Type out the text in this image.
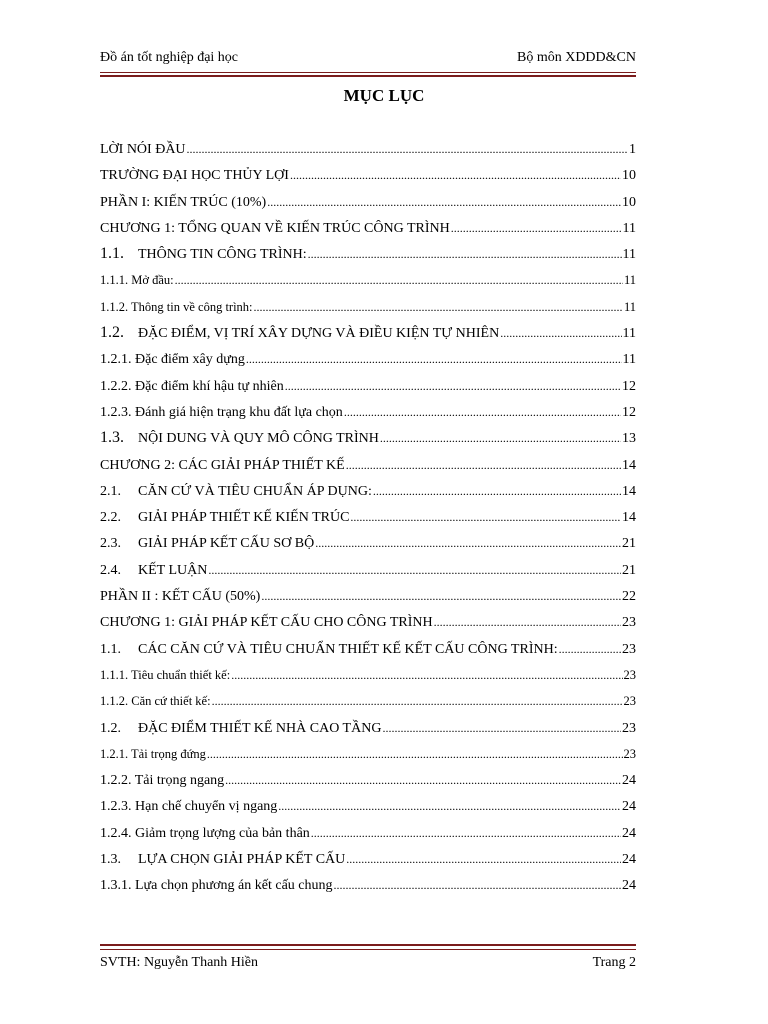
Đồ án tốt nghiệp đại học	Bộ môn XDDD&CN
MỤC LỤC
LỜI NÓI ĐẦU .....	1
TRƯỜNG ĐẠI HỌC THỦY LỢI .....	10
PHẦN I: KIẾN TRÚC (10%) .....	10
CHƯƠNG 1: TỔNG QUAN VỀ KIẾN TRÚC CÔNG TRÌNH .....	11
1.1.	THÔNG TIN CÔNG TRÌNH: .....	11
1.1.1. Mở đầu: .....	11
1.1.2. Thông tin về công trình: .....	11
1.2.	ĐẶC ĐIỂM, VỊ TRÍ XÂY DỰNG VÀ ĐIỀU KIỆN TỰ NHIÊN .....	11
1.2.1. Đặc điểm xây dựng .....	11
1.2.2. Đặc điểm khí hậu tự nhiên .....	12
1.2.3. Đánh giá hiện trạng khu đất lựa chọn .....	12
1.3.	NỘI DUNG VÀ QUY MÔ CÔNG TRÌNH .....	13
CHƯƠNG 2: CÁC GIẢI PHÁP THIẾT KẾ .....	14
2.1.	CĂN CỨ VÀ TIÊU CHUẨN ÁP DỤNG: .....	14
2.2.	GIẢI PHÁP THIẾT KẾ KIẾN TRÚC .....	14
2.3.	GIẢI PHÁP KẾT CẤU SƠ BỘ .....	21
2.4.	KẾT LUẬN .....	21
PHẦN II : KẾT CẤU (50%) .....	22
CHƯƠNG 1: GIẢI PHÁP KẾT CẤU CHO CÔNG TRÌNH .....	23
1.1.	CÁC CĂN CỨ VÀ TIÊU CHUẨN THIẾT KẾ KẾT CẤU CÔNG TRÌNH: .....	23
1.1.1. Tiêu chuẩn thiết kế: .....	23
1.1.2. Căn cứ thiết kế: .....	23
1.2.	ĐẶC ĐIỂM THIẾT KẾ NHÀ CAO TẦNG .....	23
1.2.1. Tải trọng đứng .....	23
1.2.2. Tải trọng ngang .....	24
1.2.3. Hạn chế chuyển vị ngang .....	24
1.2.4. Giảm trọng lượng của bản thân .....	24
1.3.	LỰA CHỌN GIẢI PHÁP KẾT CẤU .....	24
1.3.1. Lựa chọn phương án kết cấu chung .....	24
SVTH: Nguyễn Thanh Hiền	Trang 2
